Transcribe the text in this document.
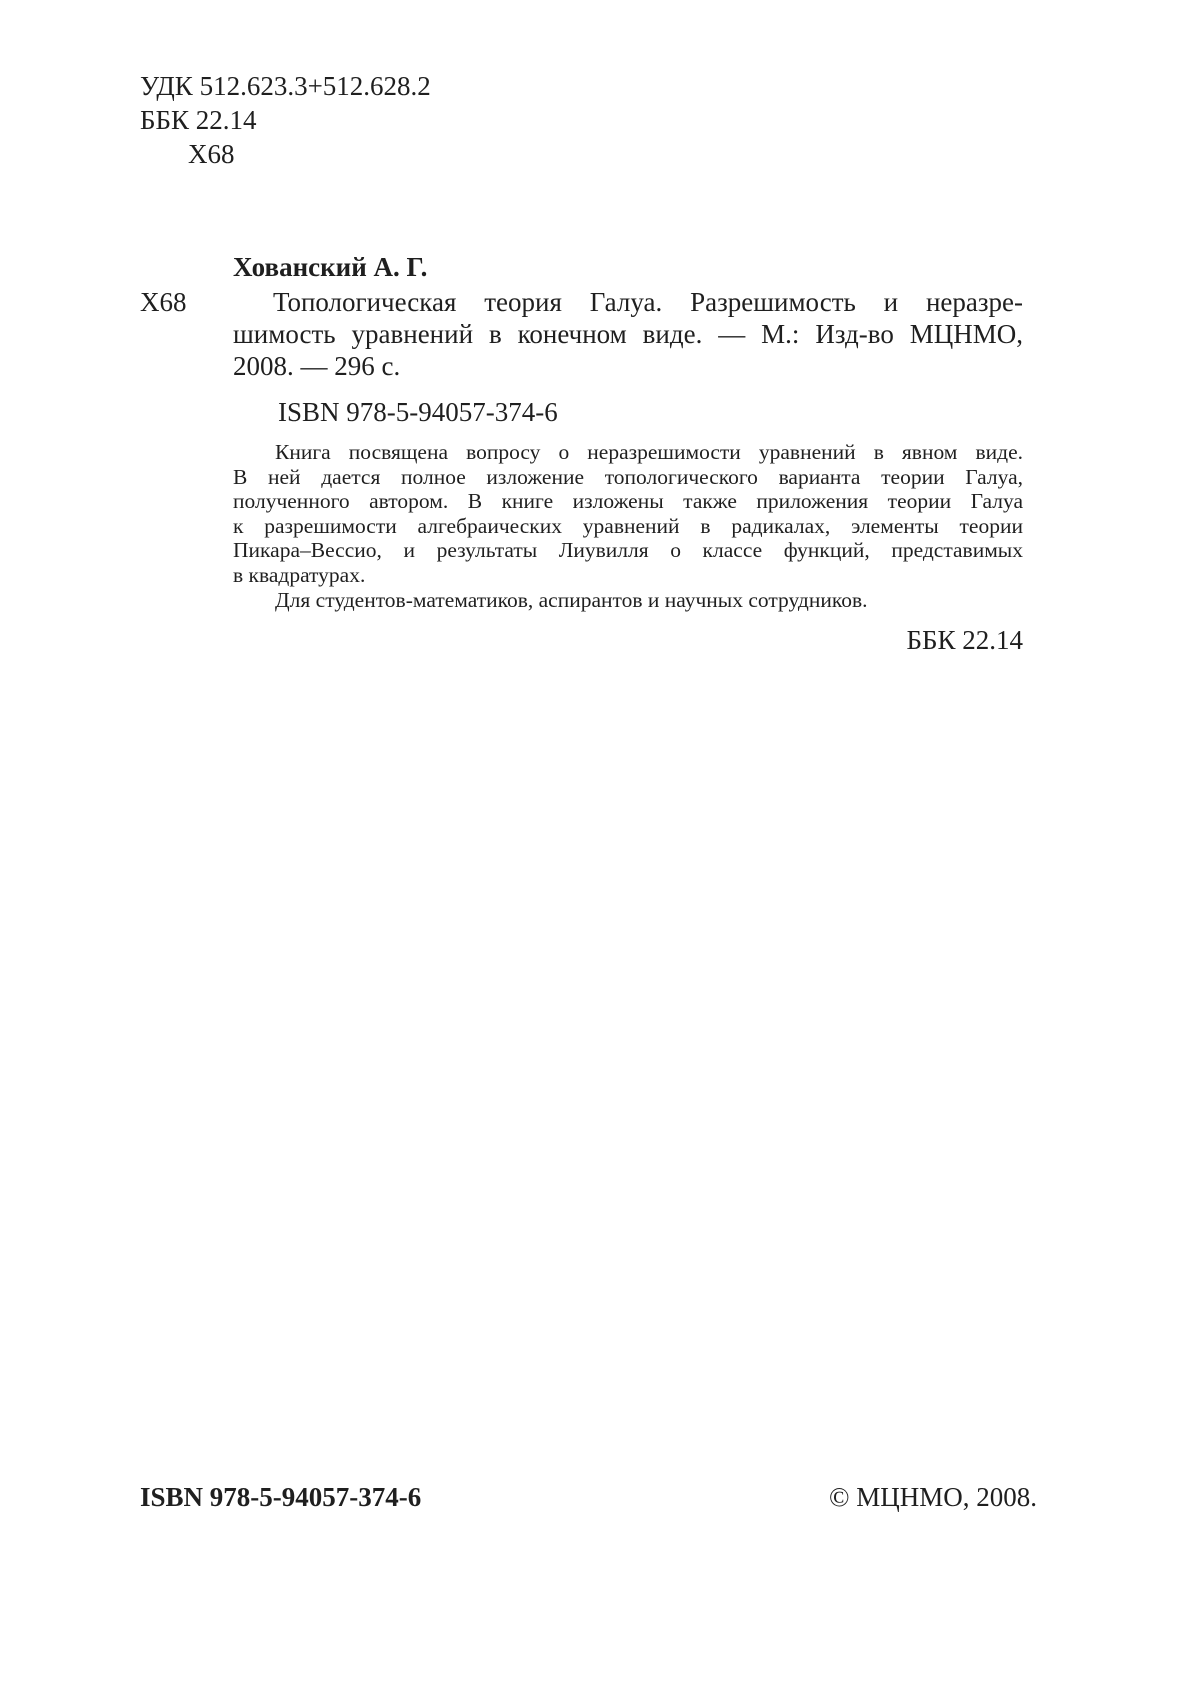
УДК 512.623.3+512.628.2
ББК 22.14
Х68
Х68
Хованский А. Г.
Топологическая теория Галуа. Разрешимость и неразре-
шимость уравнений в конечном виде. — М.: Изд-во МЦНМО,
2008. — 296 с.
ISBN 978-5-94057-374-6
Книга посвящена вопросу о неразрешимости уравнений в явном виде.
В ней дается полное изложение топологического варианта теории Галуа,
полученного автором. В книге изложены также приложения теории Галуа
к разрешимости алгебраических уравнений в радикалах, элементы теории
Пикара–Вессио, и результаты Лиувилля о классе функций, представимых
в квадратурах.
Для студентов-математиков, аспирантов и научных сотрудников.
ББК 22.14
ISBN 978-5-94057-374-6	© МЦНМО, 2008.
